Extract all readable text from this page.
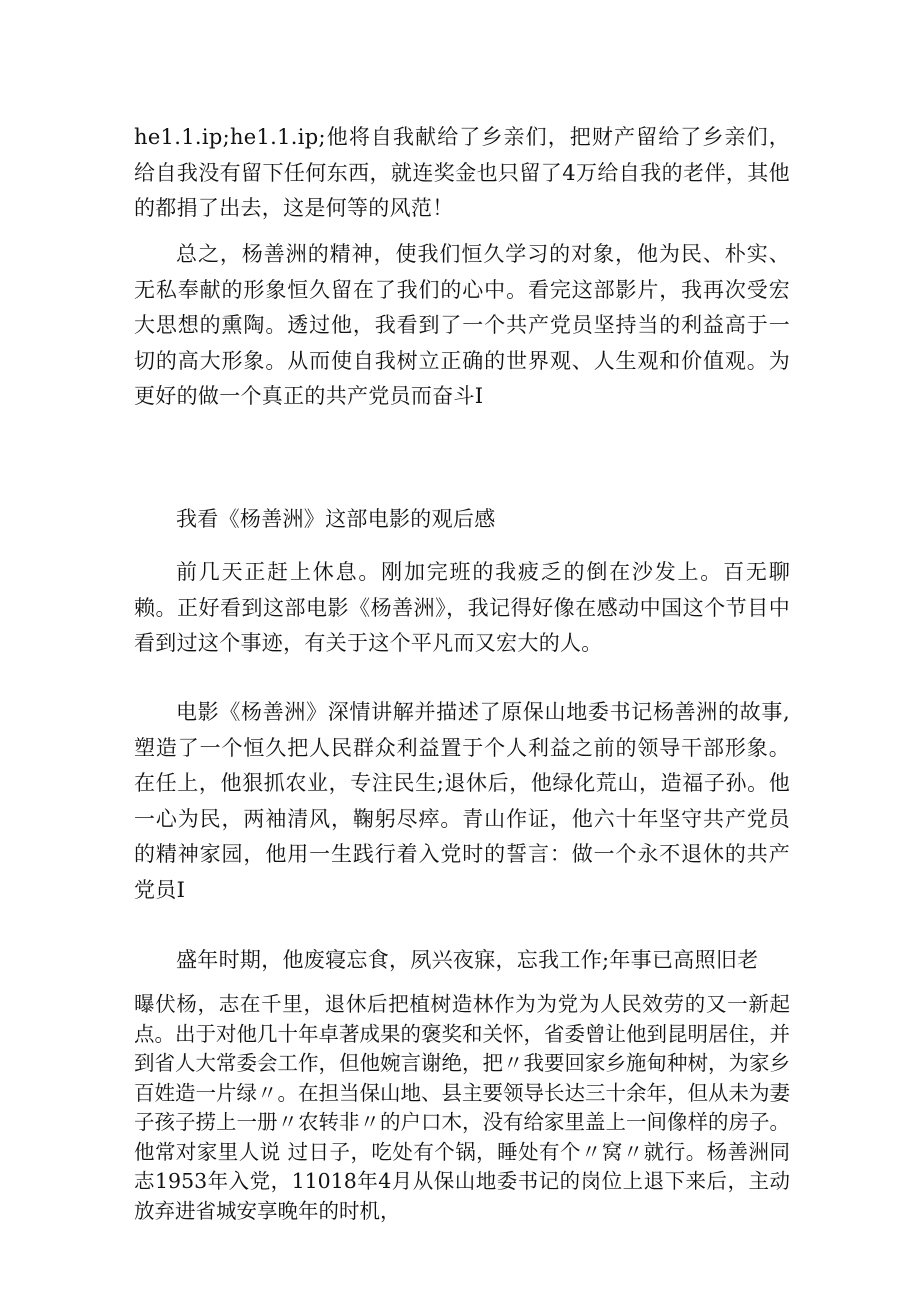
he1.1.ip;he1.1.ip;他将自我献给了乡亲们，把财产留给了乡亲们，给自我没有留下任何东西，就连奖金也只留了4万给自我的老伴，其他的都捐了出去，这是何等的风范！

总之，杨善洲的精神，使我们恒久学习的对象，他为民、朴实、无私奉献的形象恒久留在了我们的心中。看完这部影片，我再次受宏大思想的熏陶。透过他，我看到了一个共产党员坚持当的利益高于一切的高大形象。从而使自我树立正确的世界观、人生观和价值观。为更好的做一个真正的共产党员而奋斗I

我看《杨善洲》这部电影的观后感

前几天正赶上休息。刚加完班的我疲乏的倒在沙发上。百无聊赖。正好看到这部电影《杨善洲》，我记得好像在感动中国这个节目中看到过这个事迹，有关于这个平凡而又宏大的人。

电影《杨善洲》深情讲解并描述了原保山地委书记杨善洲的故事,塑造了一个恒久把人民群众利益置于个人利益之前的领导干部形象。在任上，他狠抓农业，专注民生;退休后，他绿化荒山，造福子孙。他一心为民，两袖清风，鞠躬尽瘁。青山作证，他六十年坚守共产党员的精神家园，他用一生践行着入党时的誓言：做一个永不退休的共产党员I

盛年时期，他废寝忘食，夙兴夜寐，忘我工作;年事已高照旧老

曝伏杨，志在千里，退休后把植树造林作为为党为人民效劳的又一新起点。出于对他几十年卓著成果的褒奖和关怀，省委曾让他到昆明居住，并到省人大常委会工作，但他婉言谢绝，把〃我要回家乡施甸种树，为家乡百姓造一片绿〃。在担当保山地、县主要领导长达三十余年，但从未为妻子孩子捞上一册〃农转非〃的户口木，没有给家里盖上一间像样的房子。他常对家里人说 过日子，吃处有个锅，睡处有个〃窝〃就行。杨善洲同志1953年入党，11018年4月从保山地委书记的岗位上退下来后，主动放弃进省城安享晚年的时机，
